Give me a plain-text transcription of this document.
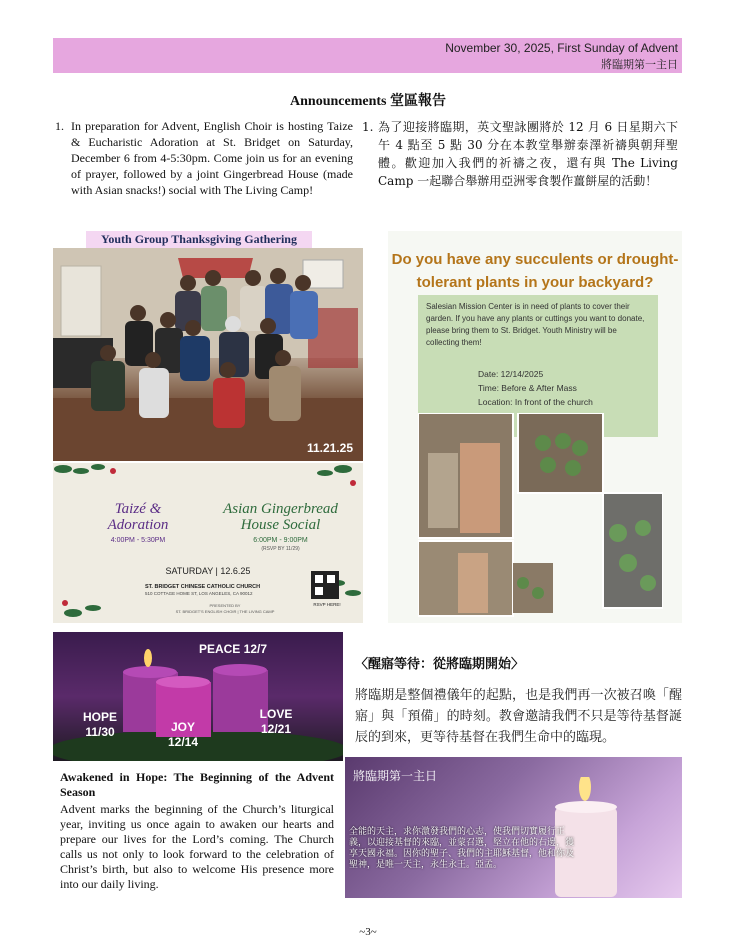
November 30, 2025, First Sunday of Advent
將臨期第一主日
Announcements 堂區報告
1. In preparation for Advent, English Choir is hosting Taize & Eucharistic Adoration at St. Bridget on Saturday, December 6 from 4-5:30pm. Come join us for an evening of prayer, followed by a joint Gingerbread House (made with Asian snacks!) social with The Living Camp!
1. 為了迎接將臨期，英文聖詠團將於 12 月 6 日星期六下午 4 點至 5 點 30 分在本教堂舉辦泰澤祈禱與朝拜聖體。歡迎加入我們的祈禱之夜，還有與 The Living Camp 一起聯合舉辦用亞洲零食製作薑餅屋的活動！
Youth Group Thanksgiving Gathering
11.21.25
Taizé & Adoration
4:00PM - 5:30PM
Asian Gingerbread House Social
6:00PM - 9:00PM
(RSVP BY 11/29)
SATURDAY | 12.6.25
ST. BRIDGET CHINESE CATHOLIC CHURCH
510 COTTAGE HOME ST, LOS ANGELES, CA 90012
PRESENTED BY
ST. BRIDGET'S ENGLISH CHOIR | THE LIVING CAMP
RSVP HERE!
Do you have any succulents or drought-tolerant plants in your backyard?
Salesian Mission Center is in need of plants to cover their garden. If you have any plants or cuttings you want to donate, please bring them to St. Bridget. Youth Ministry will be collecting them!
Date: 12/14/2025
Time: Before & After Mass
Location: In front of the church
PEACE 12/7
HOPE
11/30	JOY
12/14
LOVE
12/21
〈醒寤等待：從將臨期開始〉
將臨期是整個禮儀年的起點，也是我們再一次被召喚「醒寤」與「預備」的時刻。教會邀請我們不只是等待基督誕辰的到來，更等待基督在我們生命中的臨現。
Awakened in Hope: The Beginning of the Advent Season
Advent marks the beginning of the Church’s liturgical year, inviting us once again to awaken our hearts and prepare our lives for the Lord’s coming. The Church calls us not only to look forward to the celebration of Christ’s birth, but also to welcome His presence more into our daily living.
將臨期第一主日
全能的天主，求你激發我們的心志，使我們切實履行正義，以迎接基督的來臨，並蒙召選，堅立在他的右邊，獲享天國永福。因你的聖子、我們的主耶穌基督，他和你及聖神，是唯一天主，永生永王。亞孟。
~3~
